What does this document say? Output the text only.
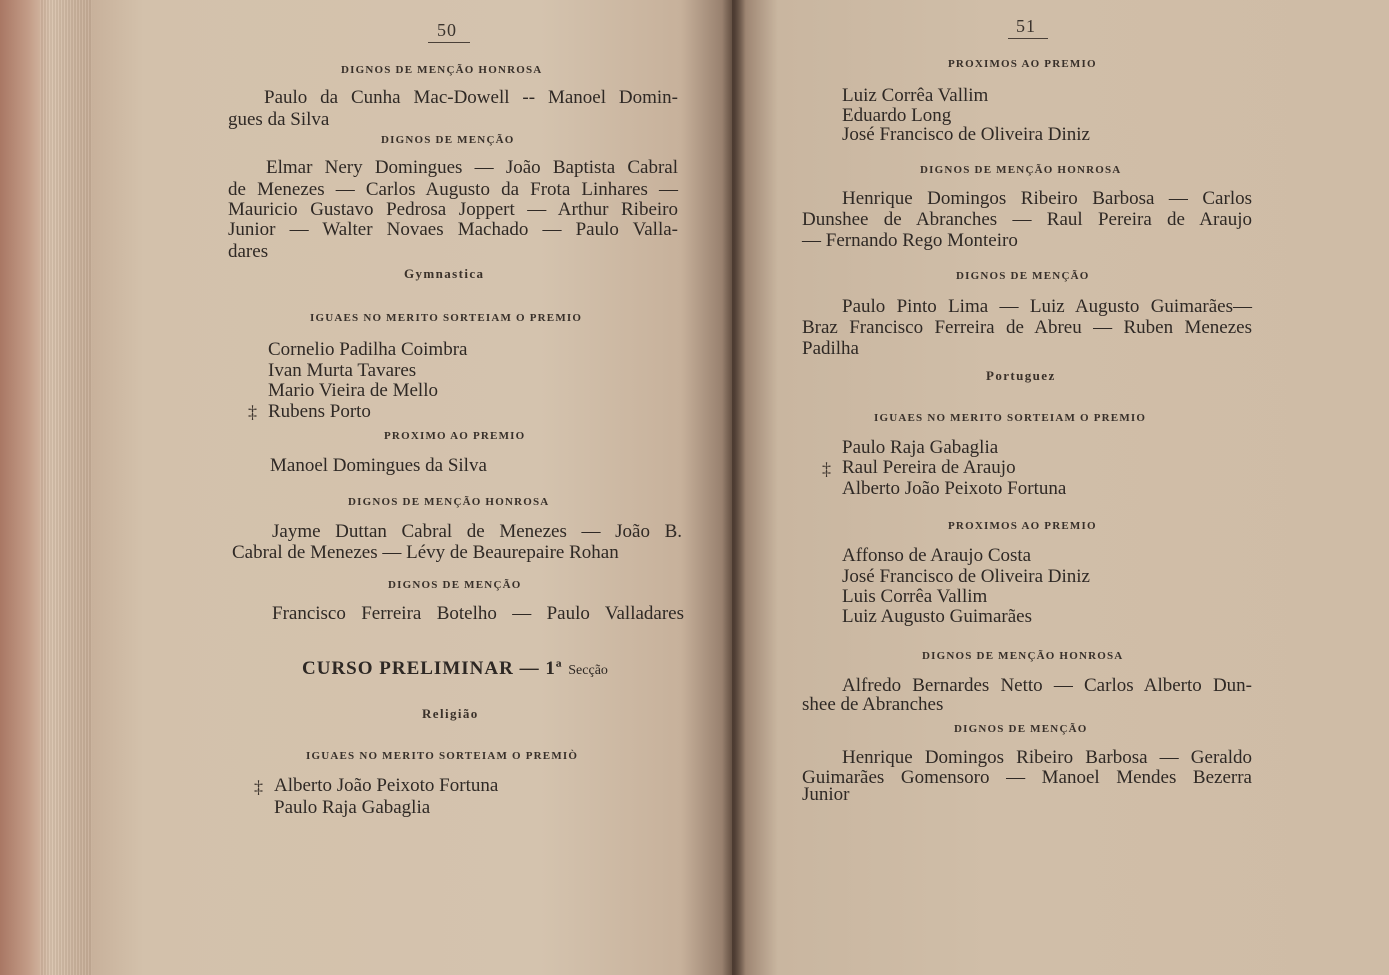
50
DIGNOS DE MENÇÃO HONROSA
Paulo da Cunha Mac-Dowell -- Manoel Domin-
gues da Silva
DIGNOS DE MENÇÃO
Elmar Nery Domingues — João Baptista Cabral
de Menezes — Carlos Augusto da Frota Linhares —
Mauricio Gustavo Pedrosa Joppert — Arthur Ribeiro
Junior — Walter Novaes Machado — Paulo Valla-
dares
Gymnastica
IGUAES NO MERITO SORTEIAM O PREMIO
Cornelio Padilha Coimbra
Ivan Murta Tavares
Mario Vieira de Mello
‡ Rubens Porto
PROXIMO AO PREMIO
Manoel Domingues da Silva
DIGNOS DE MENÇÃO HONROSA
Jayme Duttan Cabral de Menezes — João B.
Cabral de Menezes — Lévy de Beaurepaire Rohan
DIGNOS DE MENÇÃO
Francisco Ferreira Botelho — Paulo Valladares
CURSO PRELIMINAR — 1ª Secção
Religião
IGUAES NO MERITO SORTEIAM O PREMIÒ
‡ Alberto João Peixoto Fortuna
Paulo Raja Gabaglia
51
PROXIMOS AO PREMIO
Luiz Corrêa Vallim
Eduardo Long
José Francisco de Oliveira Diniz
DIGNOS DE MENÇÃO HONROSA
Henrique Domingos Ribeiro Barbosa — Carlos
Dunshee de Abranches — Raul Pereira de Araujo
— Fernando Rego Monteiro
DIGNOS DE MENÇÃO
Paulo Pinto Lima — Luiz Augusto Guimarães—
Braz Francisco Ferreira de Abreu — Ruben Menezes
Padilha
Portuguez
IGUAES NO MERITO SORTEIAM O PREMIO
Paulo Raja Gabaglia
‡ Raul Pereira de Araujo
Alberto João Peixoto Fortuna
PROXIMOS AO PREMIO
Affonso de Araujo Costa
José Francisco de Oliveira Diniz
Luis Corrêa Vallim
Luiz Augusto Guimarães
DIGNOS DE MENÇÃO HONROSA
Alfredo Bernardes Netto — Carlos Alberto Dun-
shee de Abranches
DIGNOS DE MENÇÃO
Henrique Domingos Ribeiro Barbosa — Geraldo
Guimarães Gomensoro — Manoel Mendes Bezerra
Junior
